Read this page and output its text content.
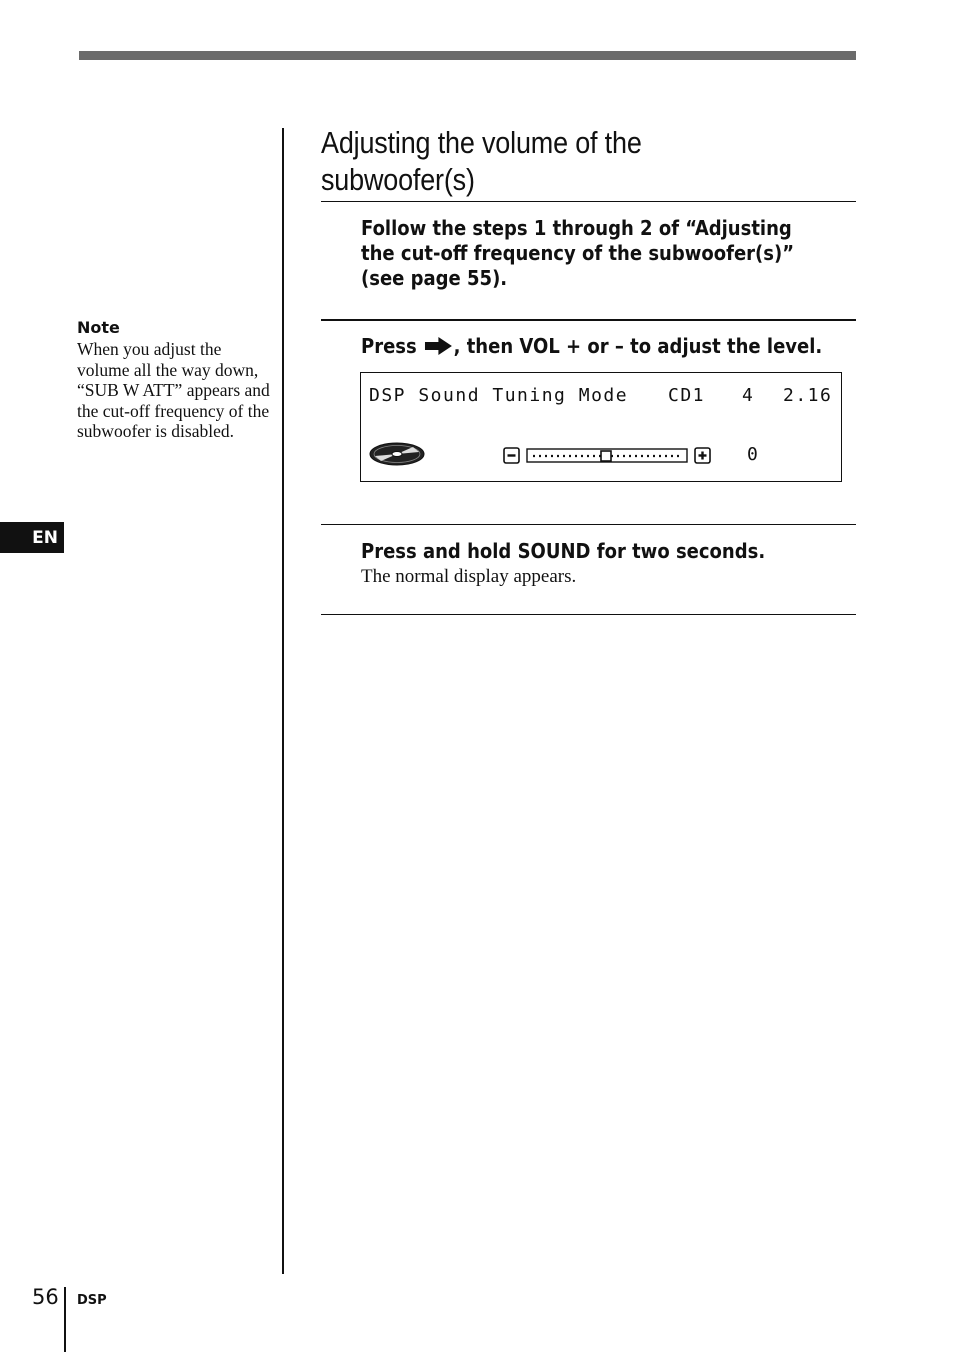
Adjusting the volume of the
subwoofer(s)
Follow the steps 1 through 2 of “Adjusting
the cut-off frequency of the subwoofer(s)”
(see page 55).
Press , then VOL + or – to adjust the level.
DSP Sound Tuning Mode CD1 4 2.16
0
Press and hold SOUND for two seconds.
The normal display appears.
Note
When you adjust the volume all the way down, “SUB W ATT” appears and the cut-off frequency of the subwoofer is disabled.
EN
56 DSP
